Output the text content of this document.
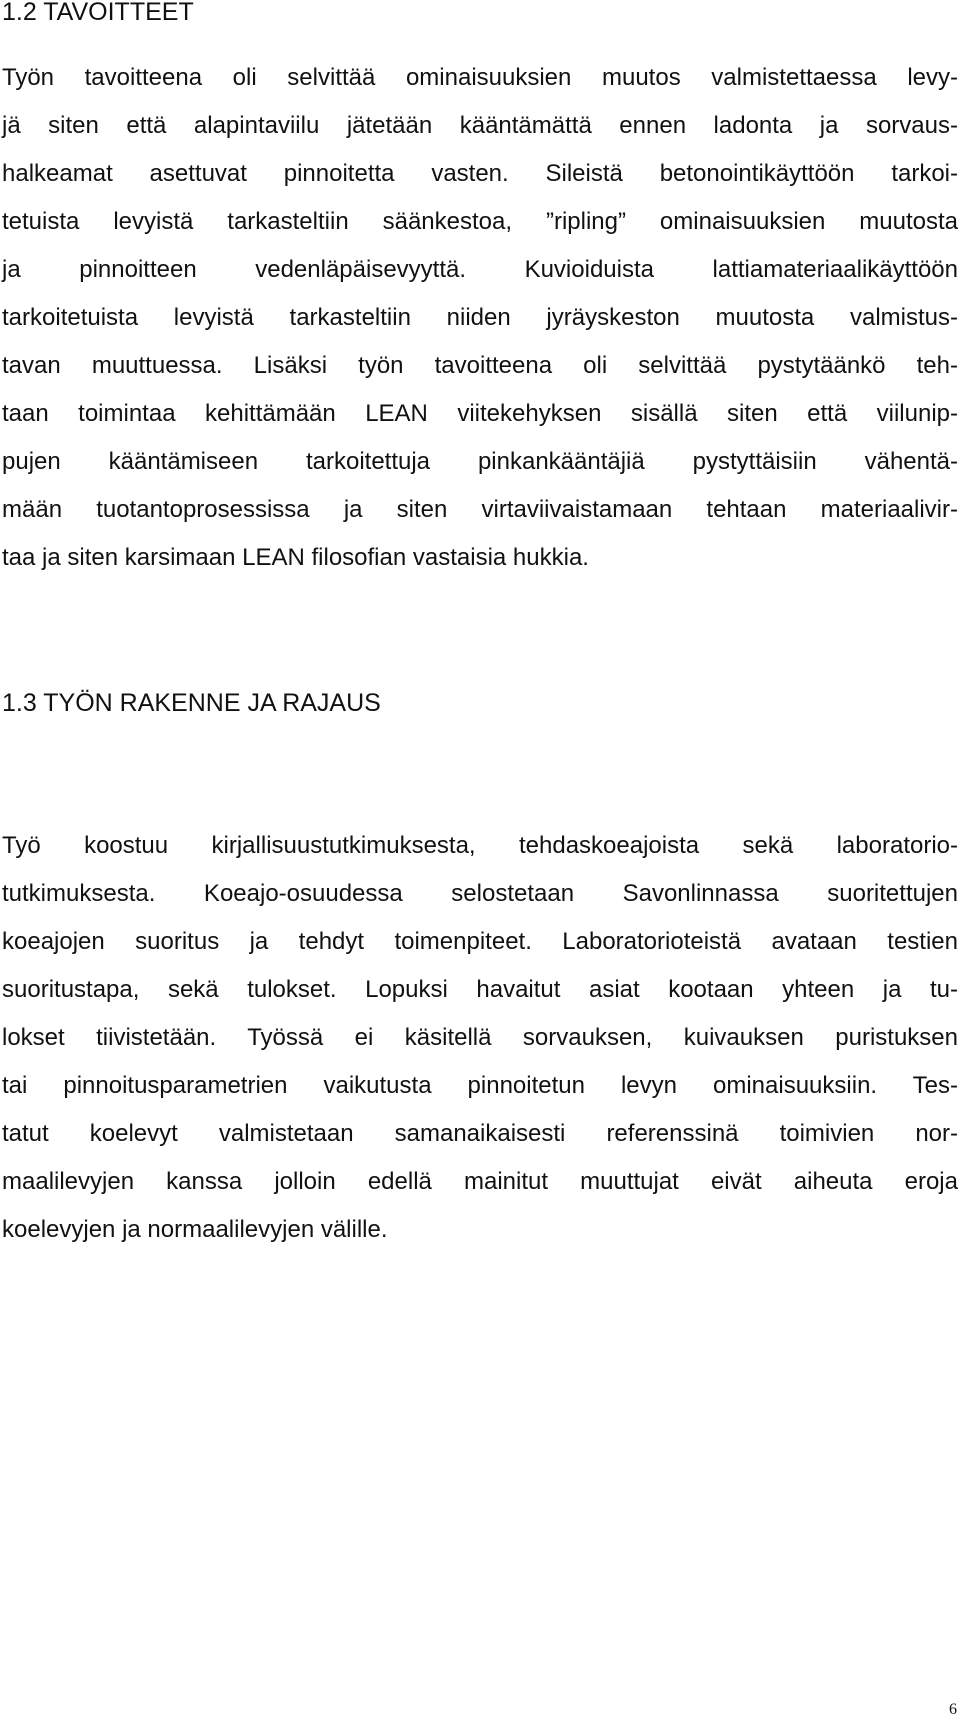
1.2 TAVOITTEET

Työn tavoitteena oli selvittää ominaisuuksien muutos valmistettaessa levy-
jä siten että alapintaviilu jätetään kääntämättä ennen ladonta ja sorvaus-
halkeamat asettuvat pinnoitetta vasten. Sileistä betonointikäyttöön tarkoi-
tetuista levyistä tarkasteltiin säänkestoa, ”ripling” ominaisuuksien muutosta
ja pinnoitteen vedenläpäisevyyttä. Kuvioiduista lattiamateriaalikäyttöön
tarkoitetuista levyistä tarkasteltiin niiden jyräyskeston muutosta valmistus-
tavan muuttuessa. Lisäksi työn tavoitteena oli selvittää pystytäänkö teh-
taan toimintaa kehittämään LEAN viitekehyksen sisällä siten että viilunip-
pujen kääntämiseen tarkoitettuja pinkankääntäjiä pystyttäisiin vähentä-
mään tuotantoprosessissa ja siten virtaviivaistamaan tehtaan materiaalivir-
taa ja siten karsimaan LEAN filosofian vastaisia hukkia.

1.3 TYÖN RAKENNE JA RAJAUS

Työ koostuu kirjallisuustutkimuksesta, tehdaskoeajoista sekä laboratorio-
tutkimuksesta. Koeajo-osuudessa selostetaan Savonlinnassa suoritettujen
koeajojen suoritus ja tehdyt toimenpiteet. Laboratorioteistä avataan testien
suoritustapa, sekä tulokset. Lopuksi havaitut asiat kootaan yhteen ja tu-
lokset tiivistetään. Työssä ei käsitellä sorvauksen, kuivauksen puristuksen
tai pinnoitusparametrien vaikutusta pinnoitetun levyn ominaisuuksiin. Tes-
tatut koelevyt valmistetaan samanaikaisesti referenssinä toimivien nor-
maalilevyjen kanssa jolloin edellä mainitut muuttujat eivät aiheuta eroja
koelevyjen ja normaalilevyjen välille.

6
